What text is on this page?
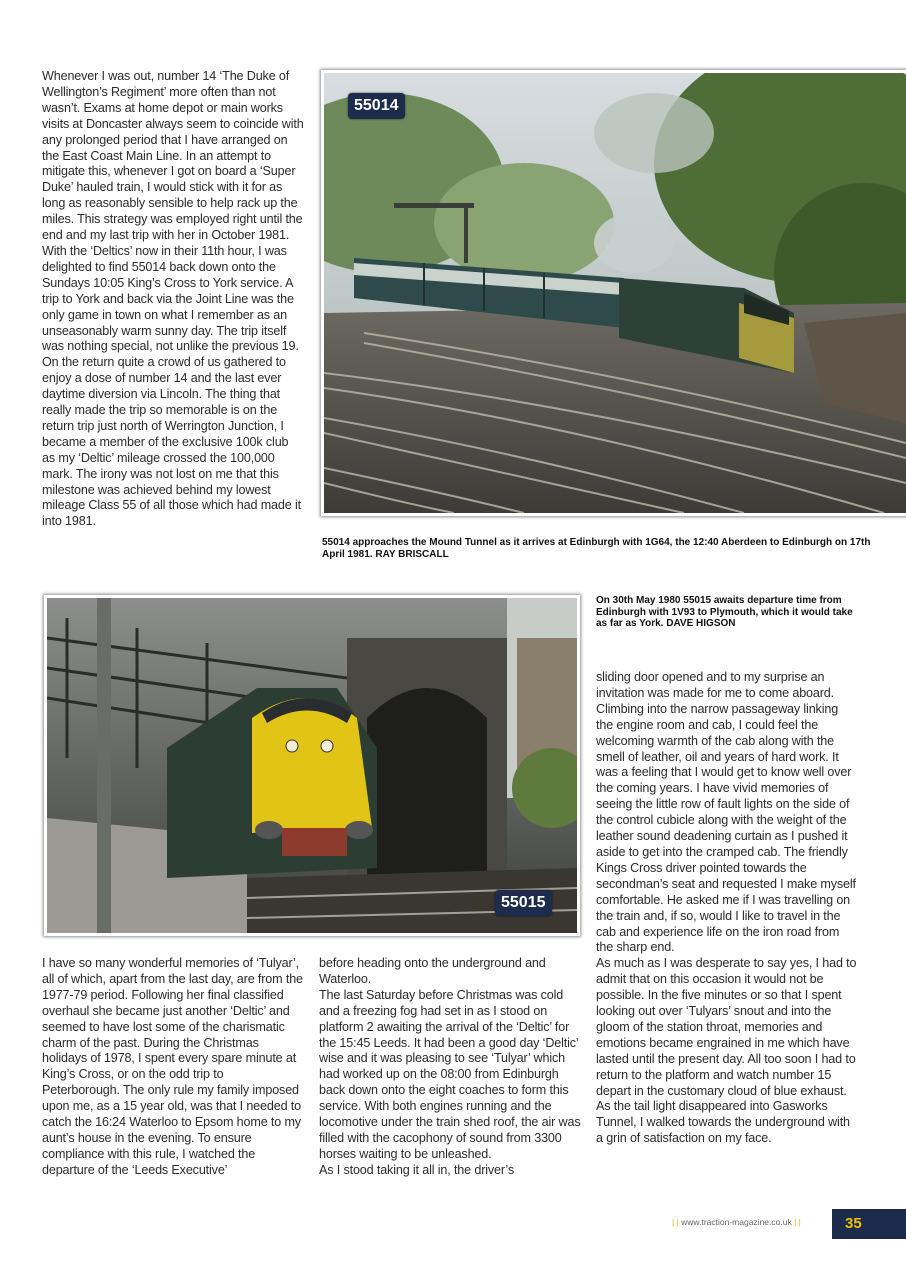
Whenever I was out, number 14 ‘The Duke of Wellington’s Regiment’ more often than not wasn’t. Exams at home depot or main works visits at Doncaster always seem to coincide with any prolonged period that I have arranged on the East Coast Main Line. In an attempt to mitigate this, whenever I got on board a ‘Super Duke’ hauled train, I would stick with it for as long as reasonably sensible to help rack up the miles. This strategy was employed right until the end and my last trip with her in October 1981. With the ‘Deltics’ now in their 11th hour, I was delighted to find 55014 back down onto the Sundays 10:05 King’s Cross to York service. A trip to York and back via the Joint Line was the only game in town on what I remember as an unseasonably warm sunny day. The trip itself was nothing special, not unlike the previous 19. On the return quite a crowd of us gathered to enjoy a dose of number 14 and the last ever daytime diversion via Lincoln. The thing that really made the trip so memorable is on the return trip just north of Werrington Junction, I became a member of the exclusive 100k club as my ‘Deltic’ mileage crossed the 100,000 mark. The irony was not lost on me that this milestone was achieved behind my lowest mileage Class 55 of all those which had made it into 1981.

55014
55014 approaches the Mound Tunnel as it arrives at Edinburgh with 1G64, the 12:40 Aberdeen to Edinburgh on 17th April 1981. RAY BRISCALL
55015
On 30th May 1980 55015 awaits departure time from Edinburgh with 1V93 to Plymouth, which it would take as far as York. DAVE HIGSON

sliding door opened and to my surprise an invitation was made for me to come aboard. Climbing into the narrow passageway linking the engine room and cab, I could feel the welcoming warmth of the cab along with the smell of leather, oil and years of hard work. It was a feeling that I would get to know well over the coming years. I have vivid memories of seeing the little row of fault lights on the side of the control cubicle along with the weight of the leather sound deadening curtain as I pushed it aside to get into the cramped cab. The friendly Kings Cross driver pointed towards the secondman’s seat and requested I make myself comfortable. He asked me if I was travelling on the train and, if so, would I like to travel in the cab and experience life on the iron road from the sharp end.

As much as I was desperate to say yes, I had to admit that on this occasion it would not be possible. In the five minutes or so that I spent looking out over ‘Tulyars’ snout and into the gloom of the station throat, memories and emotions became engrained in me which have lasted until the present day. All too soon I had to return to the platform and watch number 15 depart in the customary cloud of blue exhaust. As the tail light disappeared into Gasworks Tunnel, I walked towards the underground with a grin of satisfaction on my face.

I have so many wonderful memories of ‘Tulyar’, all of which, apart from the last day, are from the 1977-79 period. Following her final classified overhaul she became just another ‘Deltic’ and seemed to have lost some of the charismatic charm of the past. During the Christmas holidays of 1978, I spent every spare minute at King’s Cross, or on the odd trip to Peterborough. The only rule my family imposed upon me, as a 15 year old, was that I needed to catch the 16:24 Waterloo to Epsom home to my aunt’s house in the evening. To ensure compliance with this rule, I watched the departure of the ‘Leeds Executive’

before heading onto the underground and Waterloo.

The last Saturday before Christmas was cold and a freezing fog had set in as I stood on platform 2 awaiting the arrival of the ‘Deltic’ for the 15:45 Leeds. It had been a good day ‘Deltic’ wise and it was pleasing to see ‘Tulyar’ which had worked up on the 08:00 from Edinburgh back down onto the eight coaches to form this service. With both engines running and the locomotive under the train shed roof, the air was filled with the cacophony of sound from 3300 horses waiting to be unleashed.

As I stood taking it all in, the driver’s

| | www.traction-magazine.co.uk | |	35
